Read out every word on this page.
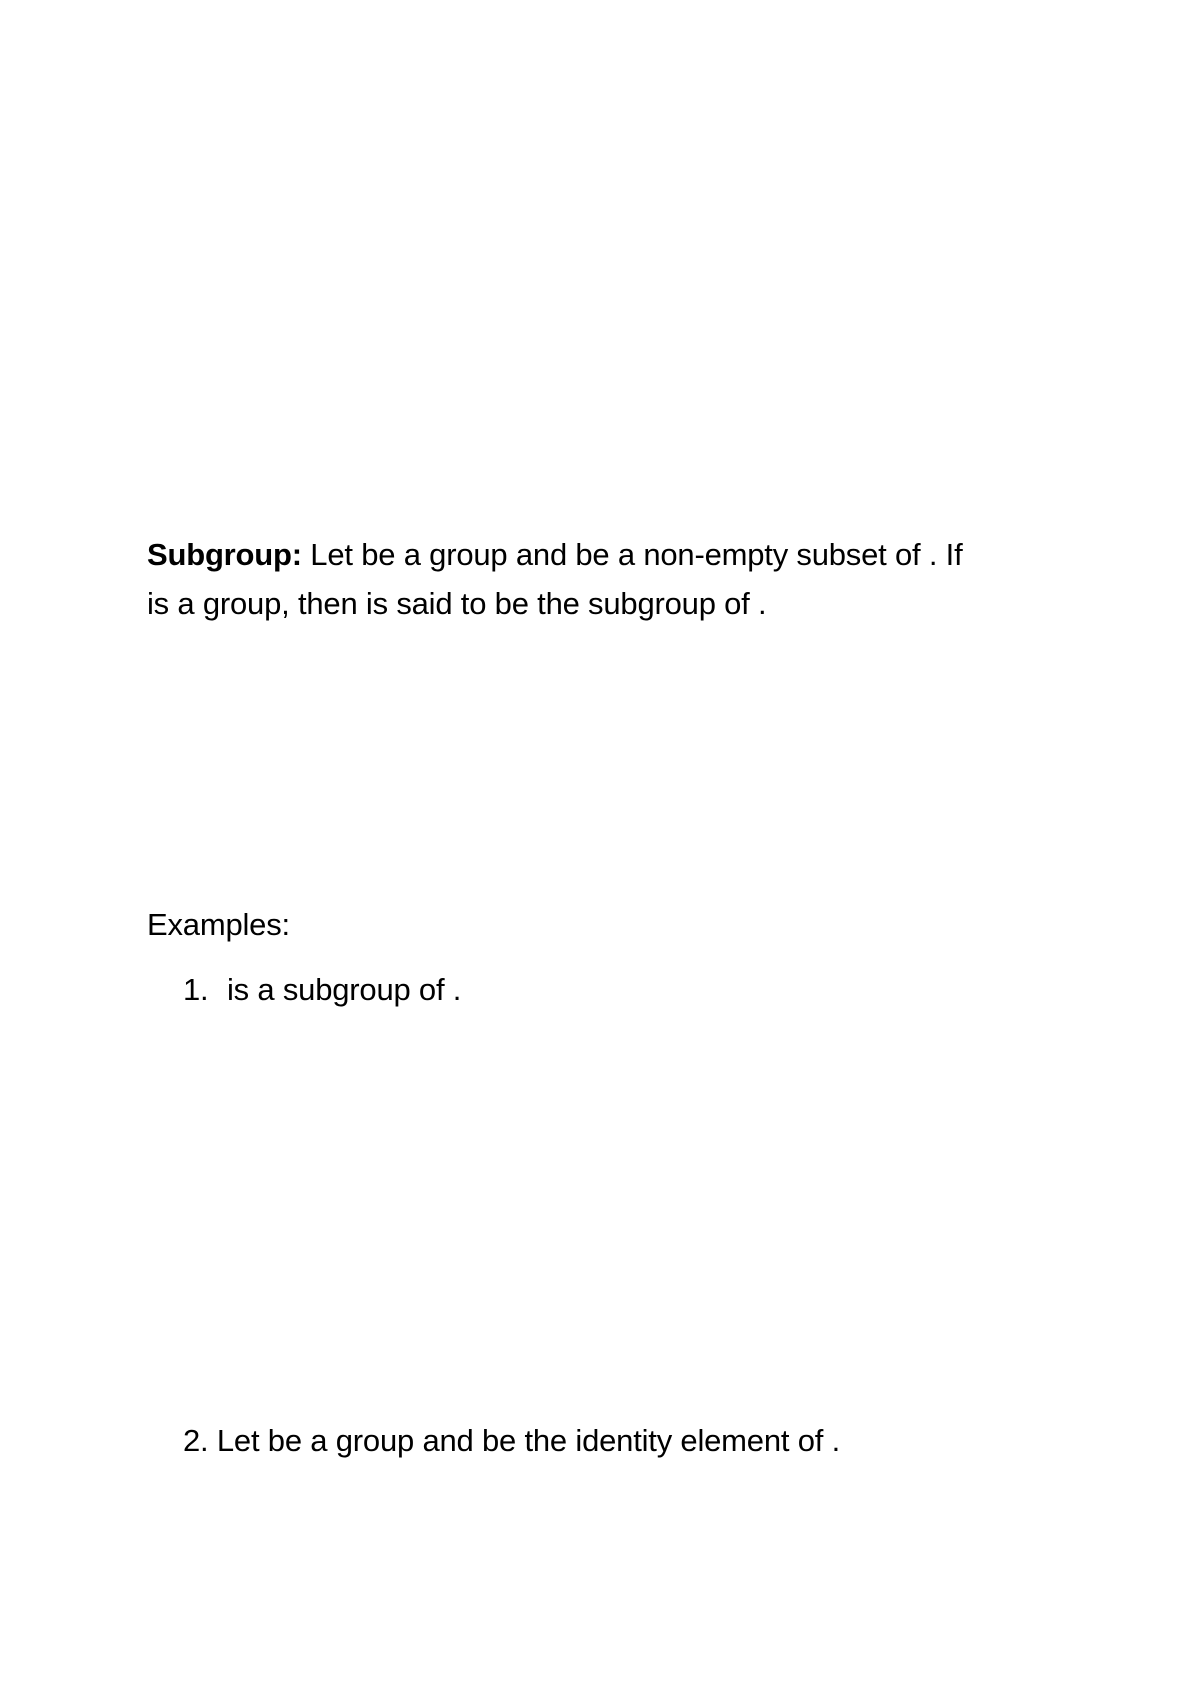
Subgroup: Let be a group and be a non-empty subset of . If
is a group, then is said to be the subgroup of .
Examples:
1. is a subgroup of .
2. Let be a group and be the identity element of .
